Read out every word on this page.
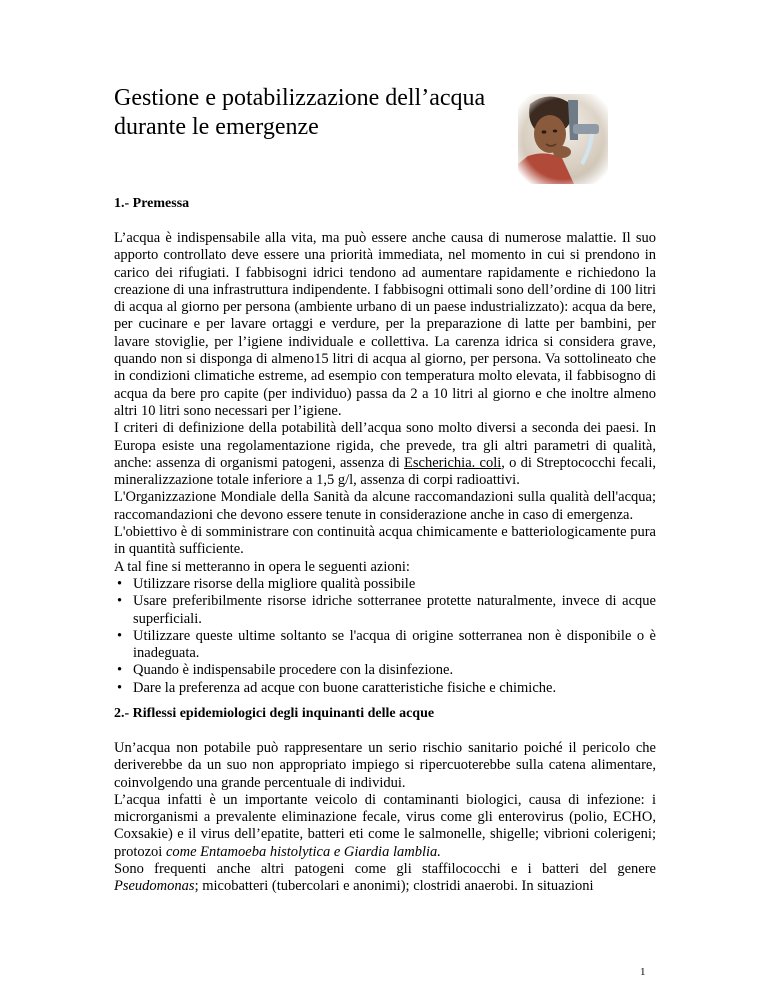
Gestione e potabilizzazione dell’acqua durante le emergenze
1.- Premessa

L’acqua è indispensabile alla vita, ma può essere anche causa di numerose malattie. Il suo apporto controllato deve essere una priorità immediata, nel momento in cui si prendono in carico dei rifugiati. I fabbisogni idrici tendono ad aumentare rapidamente e richiedono la creazione di una infrastruttura indipendente. I fabbisogni ottimali sono dell’ordine di 100 litri di acqua al giorno per persona (ambiente urbano di un paese industrializzato): acqua da bere, per cucinare e per lavare ortaggi e verdure, per la preparazione di latte per bambini, per lavare stoviglie, per l’igiene individuale e collettiva. La carenza idrica si considera grave, quando non si disponga di almeno15 litri di acqua al giorno, per persona. Va sottolineato che in condizioni climatiche estreme, ad esempio con temperatura molto elevata, il fabbisogno di acqua da bere pro capite (per individuo) passa da 2 a 10 litri al giorno e che inoltre almeno altri 10 litri sono necessari per l’igiene.

I criteri di definizione della potabilità dell’acqua sono molto diversi a seconda dei paesi. In Europa esiste una regolamentazione rigida, che prevede, tra gli altri parametri di qualità, anche: assenza di organismi patogeni, assenza di Escherichia. coli, o di Streptococchi fecali, mineralizzazione totale inferiore a 1,5 g/l, assenza di corpi radioattivi.

L'Organizzazione Mondiale della Sanità da alcune raccomandazioni sulla qualità dell'acqua; raccomandazioni che devono essere tenute in considerazione anche in caso di emergenza.

L'obiettivo è di somministrare con continuità acqua chimicamente e batteriologicamente pura in quantità sufficiente.

A tal fine si metteranno in opera le seguenti azioni:

• Utilizzare risorse della migliore qualità possibile
• Usare preferibilmente risorse idriche sotterranee protette naturalmente, invece di acque superficiali.
• Utilizzare queste ultime soltanto se l'acqua di origine sotterranea non è disponibile o è inadeguata.
• Quando è indispensabile procedere con la disinfezione.
• Dare la preferenza ad acque con buone caratteristiche fisiche e chimiche.
2.- Riflessi epidemiologici degli inquinanti delle acque

Un’acqua non potabile può rappresentare un serio rischio sanitario poiché il pericolo che deriverebbe da un suo non appropriato impiego si ripercuoterebbe sulla catena alimentare, coinvolgendo una grande percentuale di individui.

L’acqua infatti è un importante veicolo di contaminanti biologici, causa di infezione: i microrganismi a prevalente eliminazione fecale, virus come gli enterovirus (polio, ECHO, Coxsakie) e il virus dell’epatite, batteri eti come le salmonelle, shigelle; vibrioni colerigeni; protozoi come Entamoeba histolytica e Giardia lamblia.

Sono frequenti anche altri patogeni come gli staffilococchi e i batteri del genere Pseudomonas; micobatteri (tubercolari e anonimi); clostridi anaerobi. In situazioni

1
